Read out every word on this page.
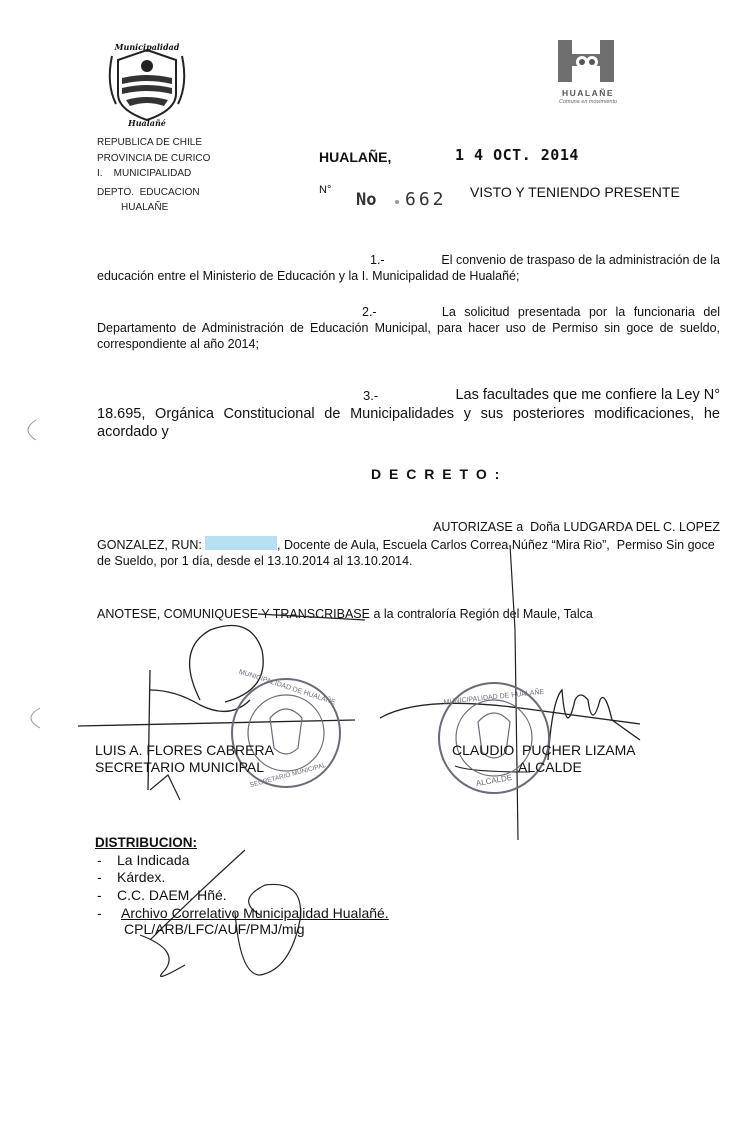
Municipalidad
Hualañé
REPUBLICA DE CHILE
PROVINCIA DE CURICO
I.    MUNICIPALIDAD
DEPTO.  EDUCACION
HUALAÑE
HUALAÑE
Comuna en movimiento
HUALAÑE,	1 4 OCT. 2014
N° No 662 VISTO Y TENIENDO PRESENTE
1.-	El convenio de traspaso de la administración de la
educación entre el Ministerio de Educación y la I. Municipalidad de Hualañé;
2.-	La solicitud presentada por la funcionaria del
Departamento de Administración de Educación Municipal, para hacer uso de Permiso sin goce de sueldo, correspondiente al año 2014;
3.-	Las facultades que me confiere la Ley N°
18.695, Orgánica Constitucional de Municipalidades y sus posteriores modificaciones, he acordado y
D E C R E T O :
AUTORIZASE a  Doña LUDGARDA DEL C. LOPEZ
GONZALEZ, RUN:	, Docente de Aula, Escuela Carlos Correa Núñez “Mira Rio”,  Permiso Sin goce
de Sueldo, por 1 día, desde el 13.10.2014 al 13.10.2014.
ANOTESE, COMUNIQUESE Y TRANSCRIBASE a la contraloría Región del Maule, Talca
MUNICIPALIDAD DE HUALAÑE
SECRETARIO MUNICIPAL
MUNICIPALIDAD DE HUALAÑE
ALCALDE
LUIS A. FLORES CABRERA
SECRETARIO MUNICIPAL
CLAUDIO  PUCHER LIZAMA
ALCALDE
DISTRIBUCION:
- La Indicada
- Kárdex.
- C.C. DAEM. Hñé.
- Archivo Correlativo Municipalidad Hualañé.
CPL/ARB/LFC/AUF/PMJ/mig
